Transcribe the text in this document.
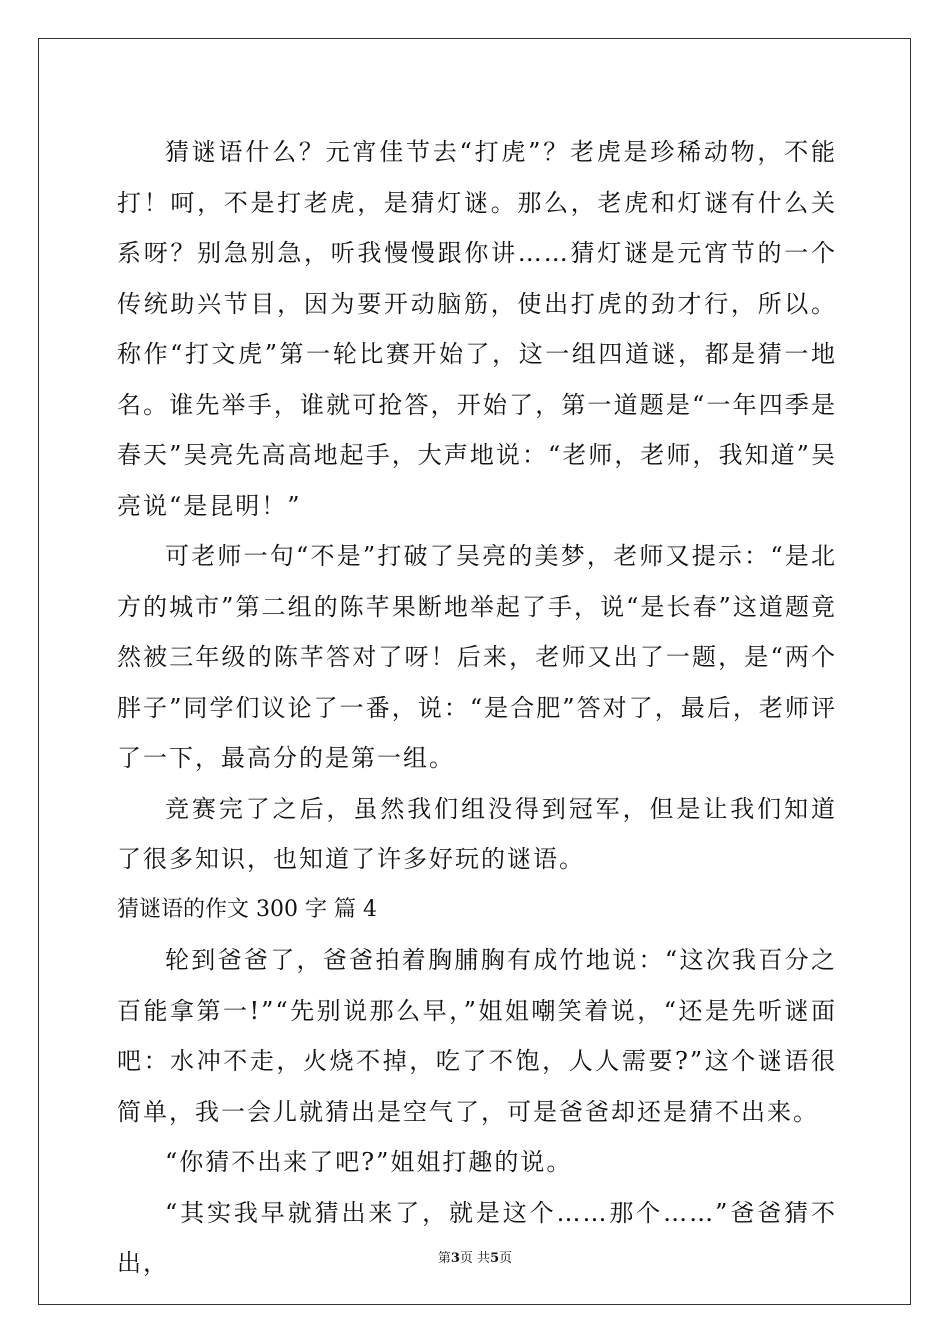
猜谜语什么？元宵佳节去“打虎”？老虎是珍稀动物，不能打！呵，不是打老虎，是猜灯谜。那么，老虎和灯谜有什么关系呀？别急别急，听我慢慢跟你讲……猜灯谜是元宵节的一个传统助兴节目，因为要开动脑筋，使出打虎的劲才行，所以。称作“打文虎”第一轮比赛开始了，这一组四道谜，都是猜一地名。谁先举手，谁就可抢答，开始了，第一道题是“一年四季是春天”吴亮先高高地起手，大声地说：“老师，老师，我知道”吴亮说“是昆明！”

可老师一句“不是”打破了吴亮的美梦，老师又提示：“是北方的城市”第二组的陈芊果断地举起了手，说“是长春”这道题竟然被三年级的陈芊答对了呀！后来，老师又出了一题，是“两个胖子”同学们议论了一番，说：“是合肥”答对了，最后，老师评了一下，最高分的是第一组。

竞赛完了之后，虽然我们组没得到冠军，但是让我们知道了很多知识，也知道了许多好玩的谜语。

猜谜语的作文 300 字 篇 4

轮到爸爸了，爸爸拍着胸脯胸有成竹地说：“这次我百分之百能拿第一!”“先别说那么早，”姐姐嘲笑着说，“还是先听谜面吧：水冲不走，火烧不掉，吃了不饱，人人需要?”这个谜语很简单，我一会儿就猜出是空气了，可是爸爸却还是猜不出来。

“你猜不出来了吧?”姐姐打趣的说。

“其实我早就猜出来了，就是这个……那个……”爸爸猜不出，	第3页 共5页
